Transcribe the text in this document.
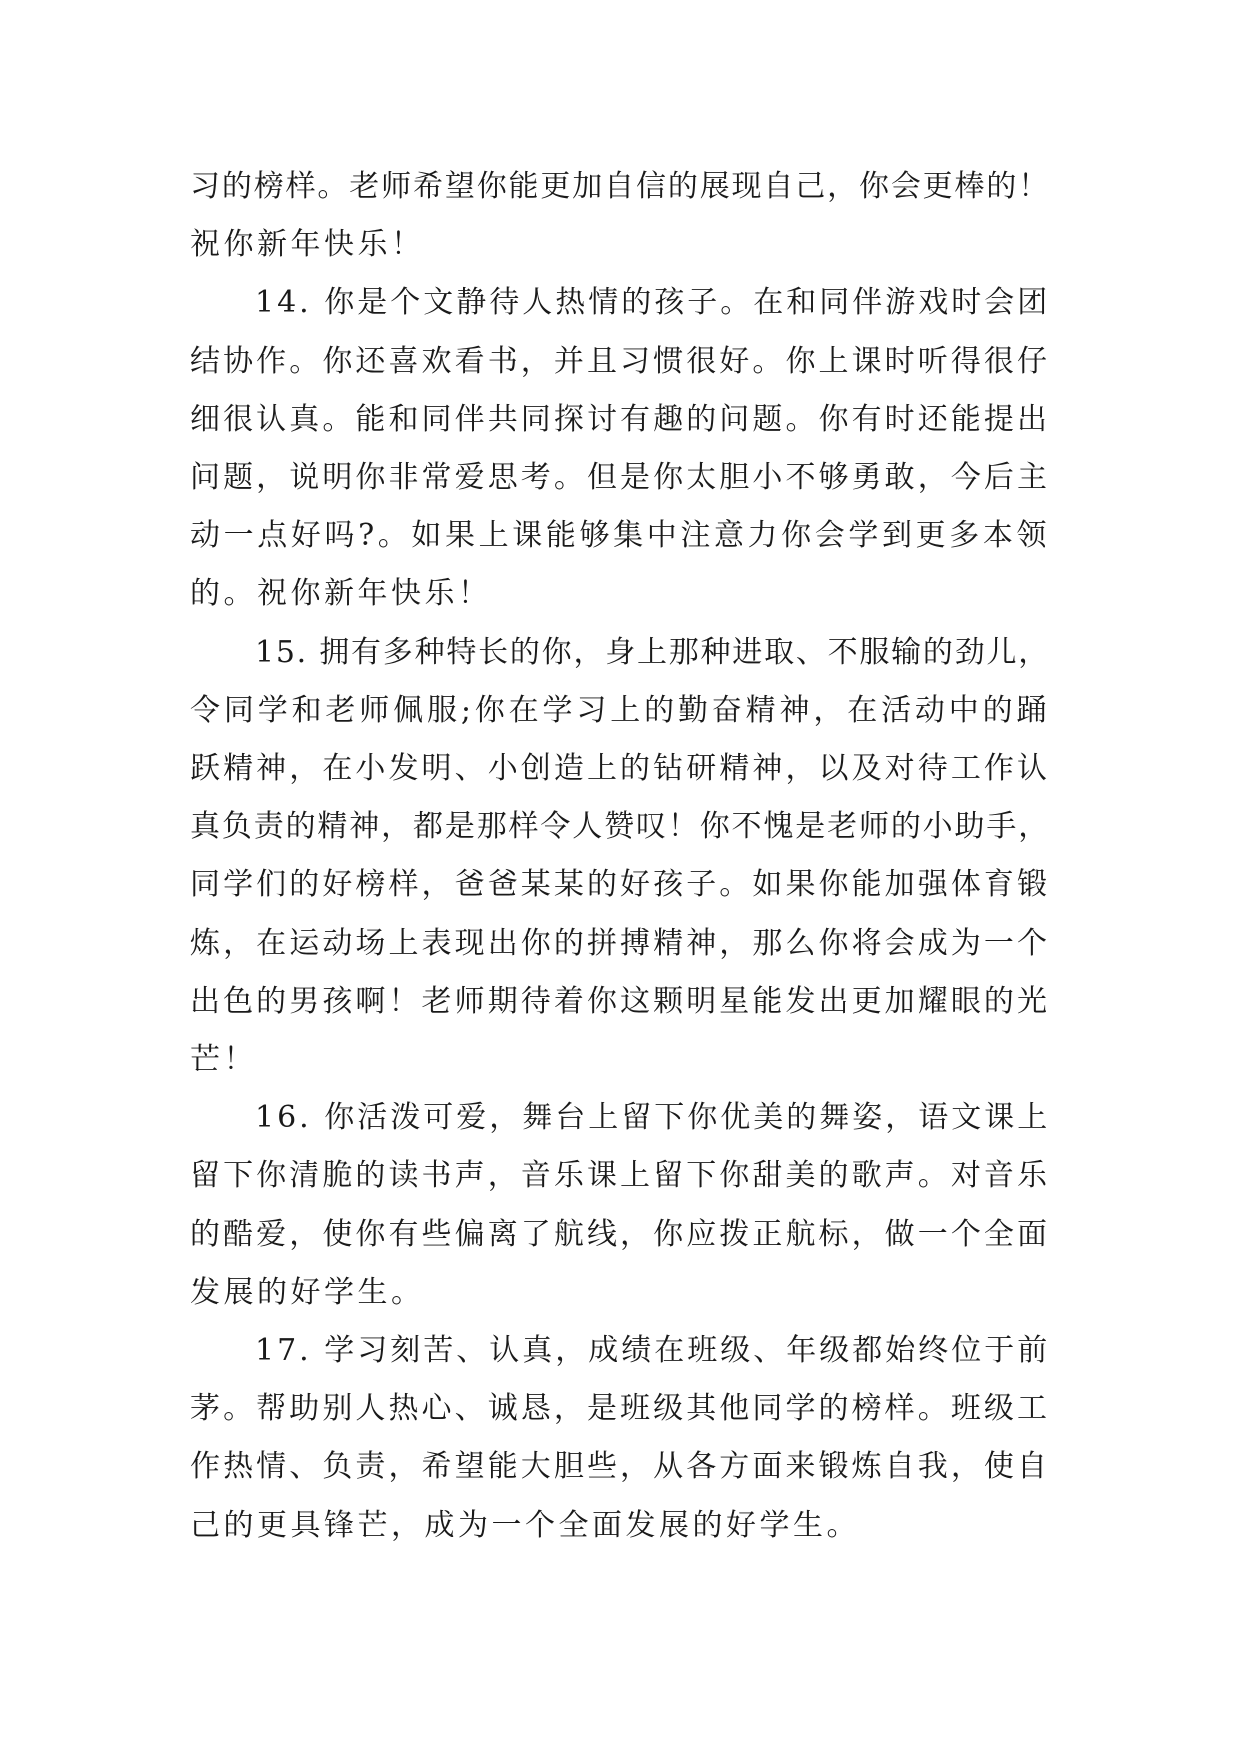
习的榜样。老师希望你能更加自信的展现自己，你会更棒的！
祝你新年快乐！

14. 你是个文静待人热情的孩子。在和同伴游戏时会团
结协作。你还喜欢看书，并且习惯很好。你上课时听得很仔
细很认真。能和同伴共同探讨有趣的问题。你有时还能提出
问题，说明你非常爱思考。但是你太胆小不够勇敢，今后主
动一点好吗?。如果上课能够集中注意力你会学到更多本领
的。祝你新年快乐！

15. 拥有多种特长的你，身上那种进取、不服输的劲儿，
令同学和老师佩服;你在学习上的勤奋精神，在活动中的踊
跃精神，在小发明、小创造上的钻研精神，以及对待工作认
真负责的精神，都是那样令人赞叹！你不愧是老师的小助手，
同学们的好榜样，爸爸某某的好孩子。如果你能加强体育锻
炼，在运动场上表现出你的拼搏精神，那么你将会成为一个
出色的男孩啊！老师期待着你这颗明星能发出更加耀眼的光
芒！

16. 你活泼可爱，舞台上留下你优美的舞姿，语文课上
留下你清脆的读书声，音乐课上留下你甜美的歌声。对音乐
的酷爱，使你有些偏离了航线，你应拨正航标，做一个全面
发展的好学生。

17. 学习刻苦、认真，成绩在班级、年级都始终位于前
茅。帮助别人热心、诚恳，是班级其他同学的榜样。班级工
作热情、负责，希望能大胆些，从各方面来锻炼自我，使自
己的更具锋芒，成为一个全面发展的好学生。
